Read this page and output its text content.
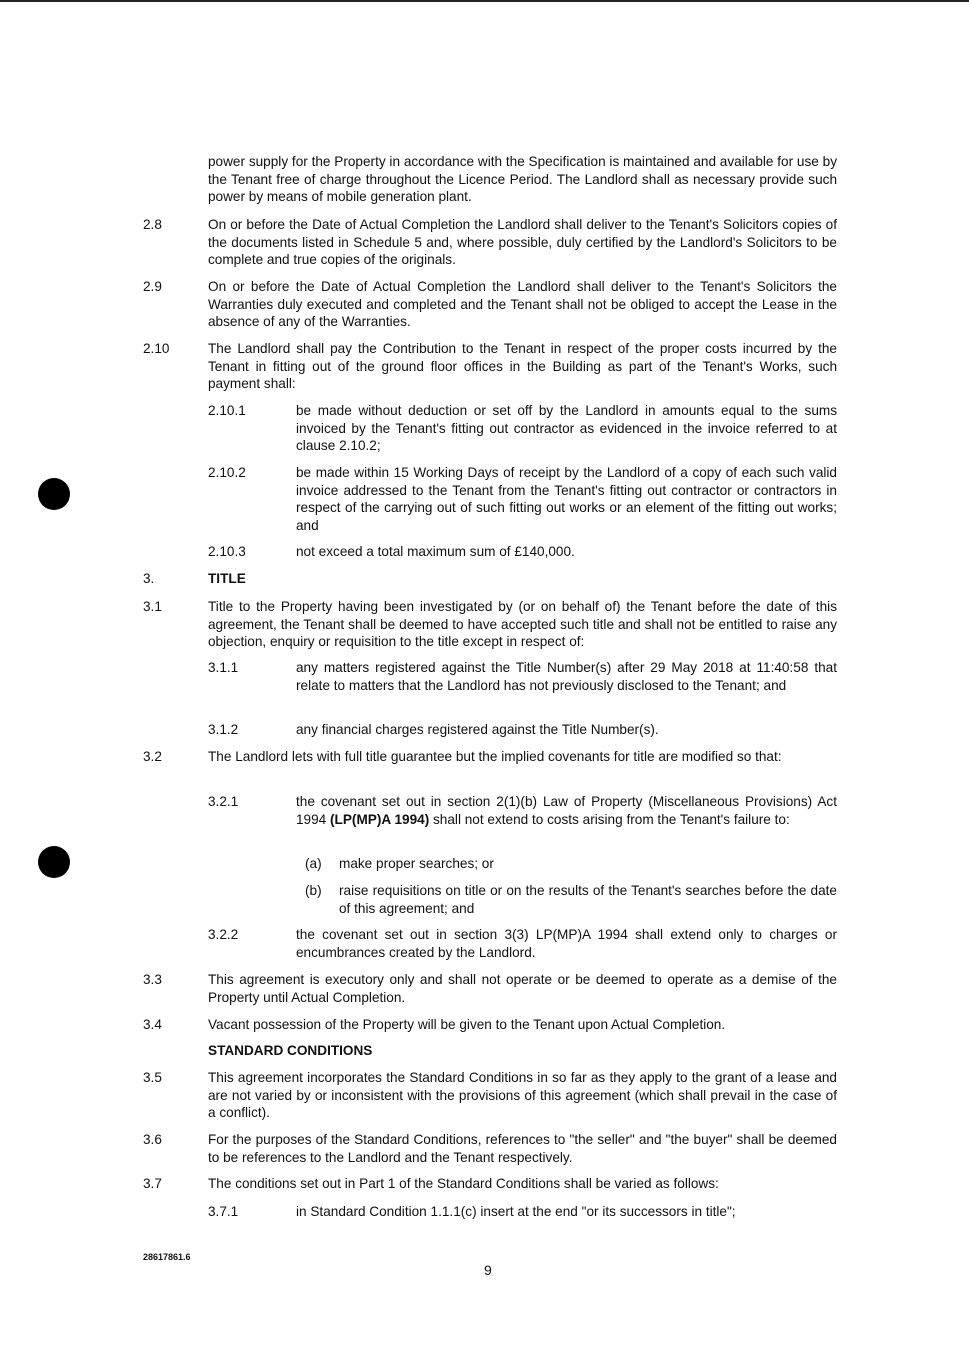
power supply for the Property in accordance with the Specification is maintained and available for use by the Tenant free of charge throughout the Licence Period. The Landlord shall as necessary provide such power by means of mobile generation plant.
2.8	On or before the Date of Actual Completion the Landlord shall deliver to the Tenant's Solicitors copies of the documents listed in Schedule 5 and, where possible, duly certified by the Landlord's Solicitors to be complete and true copies of the originals.
2.9	On or before the Date of Actual Completion the Landlord shall deliver to the Tenant's Solicitors the Warranties duly executed and completed and the Tenant shall not be obliged to accept the Lease in the absence of any of the Warranties.
2.10	The Landlord shall pay the Contribution to the Tenant in respect of the proper costs incurred by the Tenant in fitting out of the ground floor offices in the Building as part of the Tenant's Works, such payment shall:
2.10.1	be made without deduction or set off by the Landlord in amounts equal to the sums invoiced by the Tenant's fitting out contractor as evidenced in the invoice referred to at clause 2.10.2;
2.10.2	be made within 15 Working Days of receipt by the Landlord of a copy of each such valid invoice addressed to the Tenant from the Tenant's fitting out contractor or contractors in respect of the carrying out of such fitting out works or an element of the fitting out works; and
2.10.3	not exceed a total maximum sum of £140,000.
3.	TITLE
3.1	Title to the Property having been investigated by (or on behalf of) the Tenant before the date of this agreement, the Tenant shall be deemed to have accepted such title and shall not be entitled to raise any objection, enquiry or requisition to the title except in respect of:
3.1.1	any matters registered against the Title Number(s) after 29 May 2018 at 11:40:58 that relate to matters that the Landlord has not previously disclosed to the Tenant; and
3.1.2	any financial charges registered against the Title Number(s).
3.2	The Landlord lets with full title guarantee but the implied covenants for title are modified so that:
3.2.1	the covenant set out in section 2(1)(b) Law of Property (Miscellaneous Provisions) Act 1994 (LP(MP)A 1994) shall not extend to costs arising from the Tenant's failure to:
(a) make proper searches; or
(b) raise requisitions on title or on the results of the Tenant's searches before the date of this agreement; and
3.2.2	the covenant set out in section 3(3) LP(MP)A 1994 shall extend only to charges or encumbrances created by the Landlord.
3.3	This agreement is executory only and shall not operate or be deemed to operate as a demise of the Property until Actual Completion.
3.4	Vacant possession of the Property will be given to the Tenant upon Actual Completion.
STANDARD CONDITIONS
3.5	This agreement incorporates the Standard Conditions in so far as they apply to the grant of a lease and are not varied by or inconsistent with the provisions of this agreement (which shall prevail in the case of a conflict).
3.6	For the purposes of the Standard Conditions, references to "the seller" and "the buyer" shall be deemed to be references to the Landlord and the Tenant respectively.
3.7	The conditions set out in Part 1 of the Standard Conditions shall be varied as follows:
3.7.1	in Standard Condition 1.1.1(c) insert at the end "or its successors in title";
28617861.6
9
